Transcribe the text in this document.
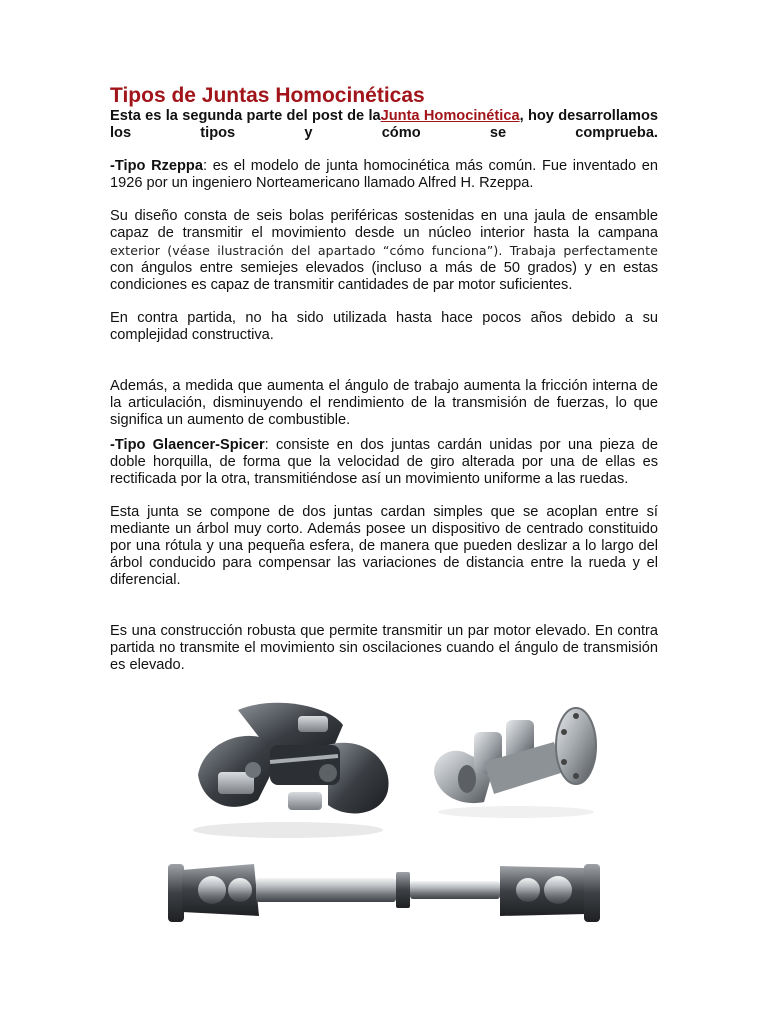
Tipos de Juntas Homocinéticas

Esta es la segunda parte del post de laJunta Homocinética, hoy desarrollamos los tipos y cómo se comprueba.

-Tipo Rzeppa: es el modelo de junta homocinética más común. Fue inventado en 1926 por un ingeniero Norteamericano llamado Alfred H. Rzeppa.

Su diseño consta de seis bolas periféricas sostenidas en una jaula de ensamble capaz de transmitir el movimiento desde un núcleo interior hasta la campana exterior (véase ilustración del apartado “cómo funciona”). Trabaja perfectamente con ángulos entre semiejes elevados (incluso a más de 50 grados) y en estas condiciones es capaz de transmitir cantidades de par motor suficientes.

En contra partida, no ha sido utilizada hasta hace pocos años debido a su complejidad constructiva.

Además, a medida que aumenta el ángulo de trabajo aumenta la fricción interna de la articulación, disminuyendo el rendimiento de la transmisión de fuerzas, lo que significa un aumento de combustible.

-Tipo Glaencer-Spicer: consiste en dos juntas cardán unidas por una pieza de doble horquilla, de forma que la velocidad de giro alterada por una de ellas es rectificada por la otra, transmitiéndose así un movimiento uniforme a las ruedas.

Esta junta se compone de dos juntas cardan simples que se acoplan entre sí mediante un árbol muy corto. Además posee un dispositivo de centrado constituido por una rótula y una pequeña esfera, de manera que pueden deslizar a lo largo del árbol conducido para compensar las variaciones de distancia entre la rueda y el diferencial.

Es una construcción robusta que permite transmitir un par motor elevado. En contra partida no transmite el movimiento sin oscilaciones cuando el ángulo de transmisión es elevado.
